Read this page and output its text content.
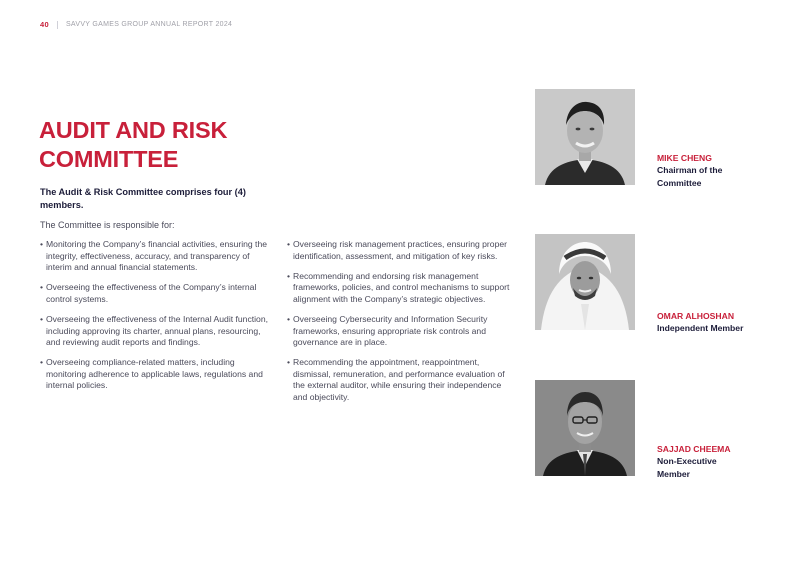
40 SAVVY GAMES GROUP ANNUAL REPORT 2024
AUDIT AND RISK
COMMITTEE
The Audit & Risk Committee comprises four (4) members.
The Committee is responsible for:
• Monitoring the Company’s financial activities, ensuring the integrity, effectiveness, accuracy, and transparency of interim and annual financial statements.
• Overseeing the effectiveness of the Company’s internal control systems.
• Overseeing the effectiveness of the Internal Audit function, including approving its charter, annual plans, resourcing, and reviewing audit reports and findings.
• Overseeing compliance-related matters, including monitoring adherence to applicable laws, regulations and internal policies.
• Overseeing risk management practices, ensuring proper identification, assessment, and mitigation of key risks.
• Recommending and endorsing risk management frameworks, policies, and control mechanisms to support alignment with the Company’s strategic objectives.
• Overseeing Cybersecurity and Information Security frameworks, ensuring appropriate risk controls and governance are in place.
• Recommending the appointment, reappointment, dismissal, remuneration, and performance evaluation of the external auditor, while ensuring their independence and objectivity.
MIKE CHENG
Chairman of the
Committee
OMAR ALHOSHAN
Independent Member
SAJJAD CHEEMA
Non-Executive
Member
